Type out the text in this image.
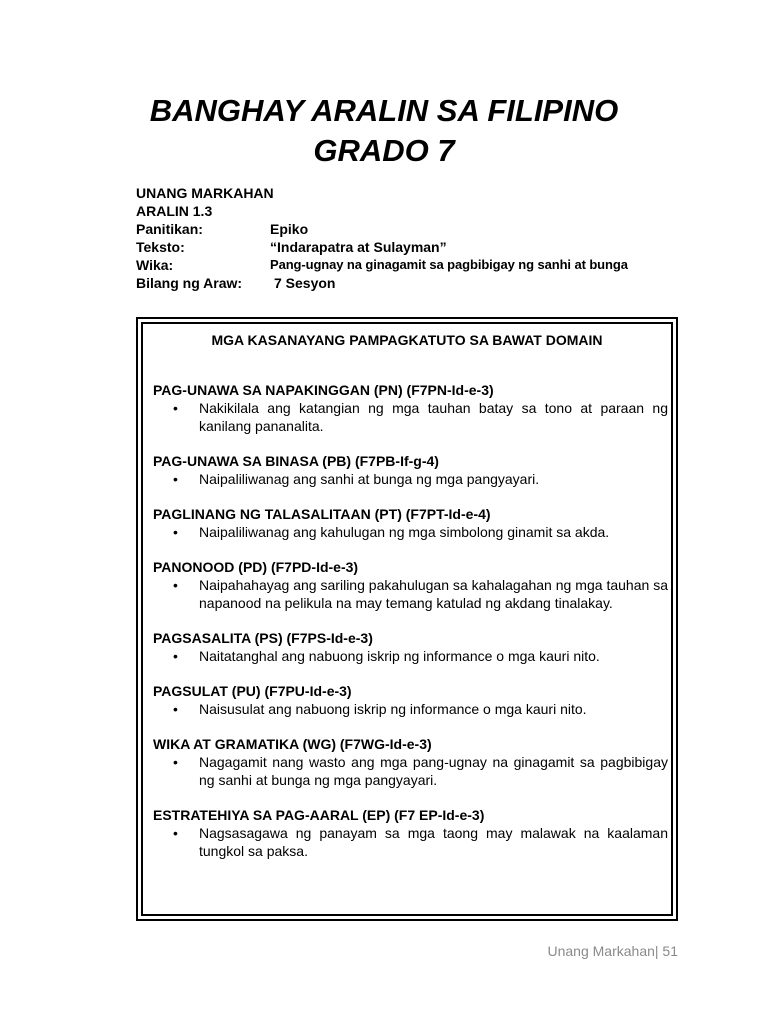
BANGHAY ARALIN SA FILIPINO
GRADO 7
UNANG MARKAHAN
ARALIN 1.3
Panitikan:	Epiko
Teksto:	“Indarapatra at Sulayman”
Wika:	Pang-ugnay na ginagamit sa pagbibigay ng sanhi at bunga
Bilang ng Araw: 7 Sesyon
MGA KASANAYANG PAMPAGKATUTO SA BAWAT DOMAIN
PAG-UNAWA SA NAPAKINGGAN (PN) (F7PN-Id-e-3)
• Nakikilala ang katangian ng mga tauhan batay sa tono at paraan ng kanilang pananalita.
PAG-UNAWA SA BINASA (PB) (F7PB-If-g-4)
• Naipaliliwanag ang sanhi at bunga ng mga pangyayari.
PAGLINANG NG TALASALITAAN (PT) (F7PT-Id-e-4)
• Naipaliliwanag ang kahulugan ng mga simbolong ginamit sa akda.
PANONOOD (PD) (F7PD-Id-e-3)
• Naipahahayag ang sariling pakahulugan sa kahalagahan ng mga tauhan sa napanood na pelikula na may temang katulad ng akdang tinalakay.
PAGSASALITA (PS) (F7PS-Id-e-3)
• Naitatanghal ang nabuong iskrip ng informance o mga kauri nito.
PAGSULAT (PU) (F7PU-Id-e-3)
• Naisusulat ang nabuong iskrip ng informance o mga kauri nito.
WIKA AT GRAMATIKA (WG) (F7WG-Id-e-3)
• Nagagamit nang wasto ang mga pang-ugnay na ginagamit sa pagbibigay ng sanhi at bunga ng mga pangyayari.
ESTRATEHIYA SA PAG-AARAL (EP) (F7 EP-Id-e-3)
• Nagsasagawa ng panayam sa mga taong may malawak na kaalaman tungkol sa paksa.
Unang Markahan| 51
